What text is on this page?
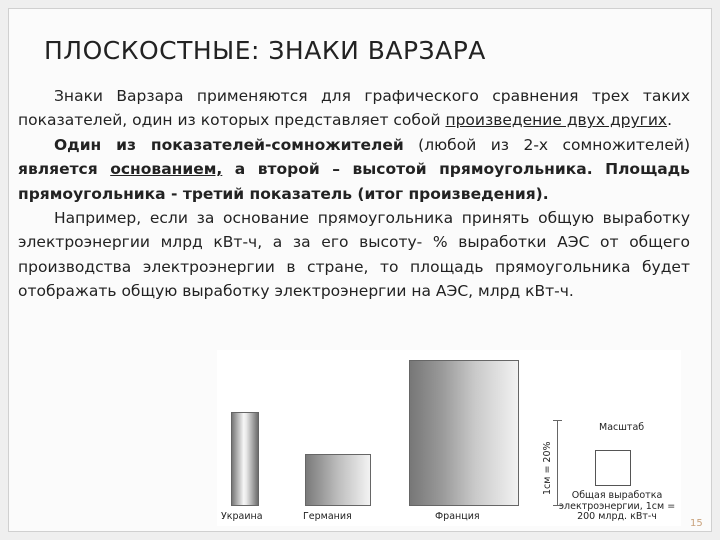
ПЛОСКОСТНЫЕ: ЗНАКИ ВАРЗАРА

Знаки Варзара применяются для графического сравнения трех таких показателей, один из которых представляет собой произведение двух других.

Один из показателей-сомножителей (любой из 2-х сомножителей) является основанием, а второй – высотой прямоугольника. Площадь прямоугольника - третий показатель (итог произведения).

Например, если за основание прямоугольника принять общую выработку электроэнергии млрд кВт-ч, а за его высоту- % выработки АЭС от общего производства электроэнергии в стране, то площадь прямоугольника будет отображать общую выработку электроэнергии на АЭС, млрд кВт-ч.

Украина	Германия	Франция
1см = 20%
Масштаб
Общая выработка электроэнергии, 1см = 200 млрд. кВт-ч
15
